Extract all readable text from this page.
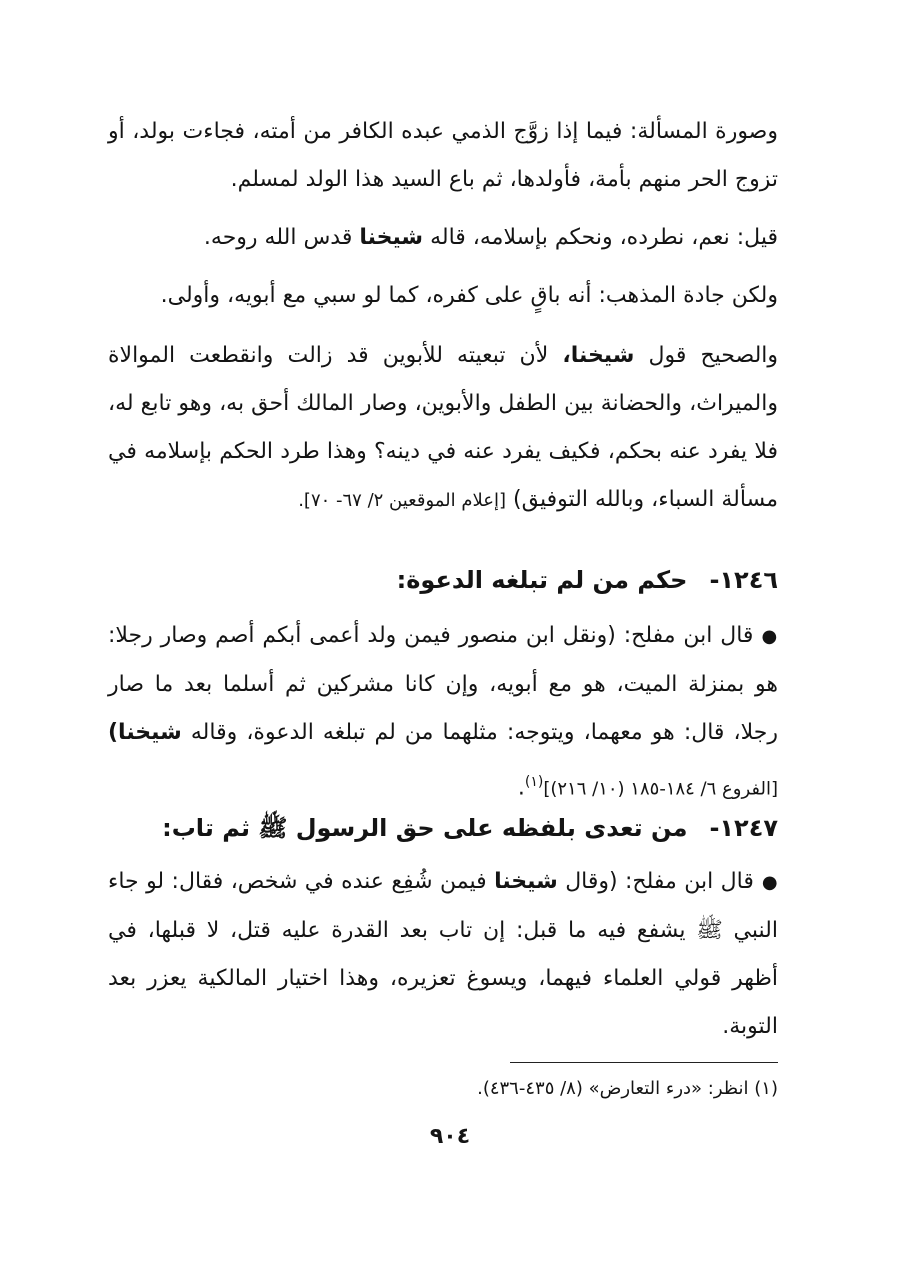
وصورة المسألة: فيما إذا زوَّج الذمي عبده الكافر من أمته، فجاءت بولد، أو تزوج الحر منهم بأمة، فأولدها، ثم باع السيد هذا الولد لمسلم.

قيل: نعم، نطرده، ونحكم بإسلامه، قاله شيخنا قدس الله روحه.

ولكن جادة المذهب: أنه باقٍ على كفره، كما لو سبي مع أبويه، وأولى.

والصحيح قول شيخنا، لأن تبعيته للأبوين قد زالت وانقطعت الموالاة والميراث، والحضانة بين الطفل والأبوين، وصار المالك أحق به، وهو تابع له، فلا يفرد عنه بحكم، فكيف يفرد عنه في دينه؟ وهذا طرد الحكم بإسلامه في مسألة السباء، وبالله التوفيق) [إعلام الموقعين ٢/ ٦٧- ٧٠].

١٢٤٦-حكم من لم تبلغه الدعوة:

●قال ابن مفلح: (ونقل ابن منصور فيمن ولد أعمى أبكم أصم وصار رجلا: هو بمنزلة الميت، هو مع أبويه، وإن كانا مشركين ثم أسلما بعد ما صار رجلا، قال: هو معهما، ويتوجه: مثلهما من لم تبلغه الدعوة، وقاله شيخنا) [الفروع ٦/ ١٨٤-١٨٥ (١٠/ ٢١٦)]$^{(١)}$.

١٢٤٧-من تعدى بلفظه على حق الرسول ﷺ ثم تاب:

●قال ابن مفلح: (وقال شيخنا فيمن شُفِع عنده في شخص، فقال: لو جاء النبي ﷺ يشفع فيه ما قبل: إن تاب بعد القدرة عليه قتل، لا قبلها، في أظهر قولي العلماء فيهما، ويسوغ تعزيره، وهذا اختيار المالكية يعزر بعد التوبة.

(١) انظر: «درء التعارض» (٨/ ٤٣٥-٤٣٦).
٩٠٤
